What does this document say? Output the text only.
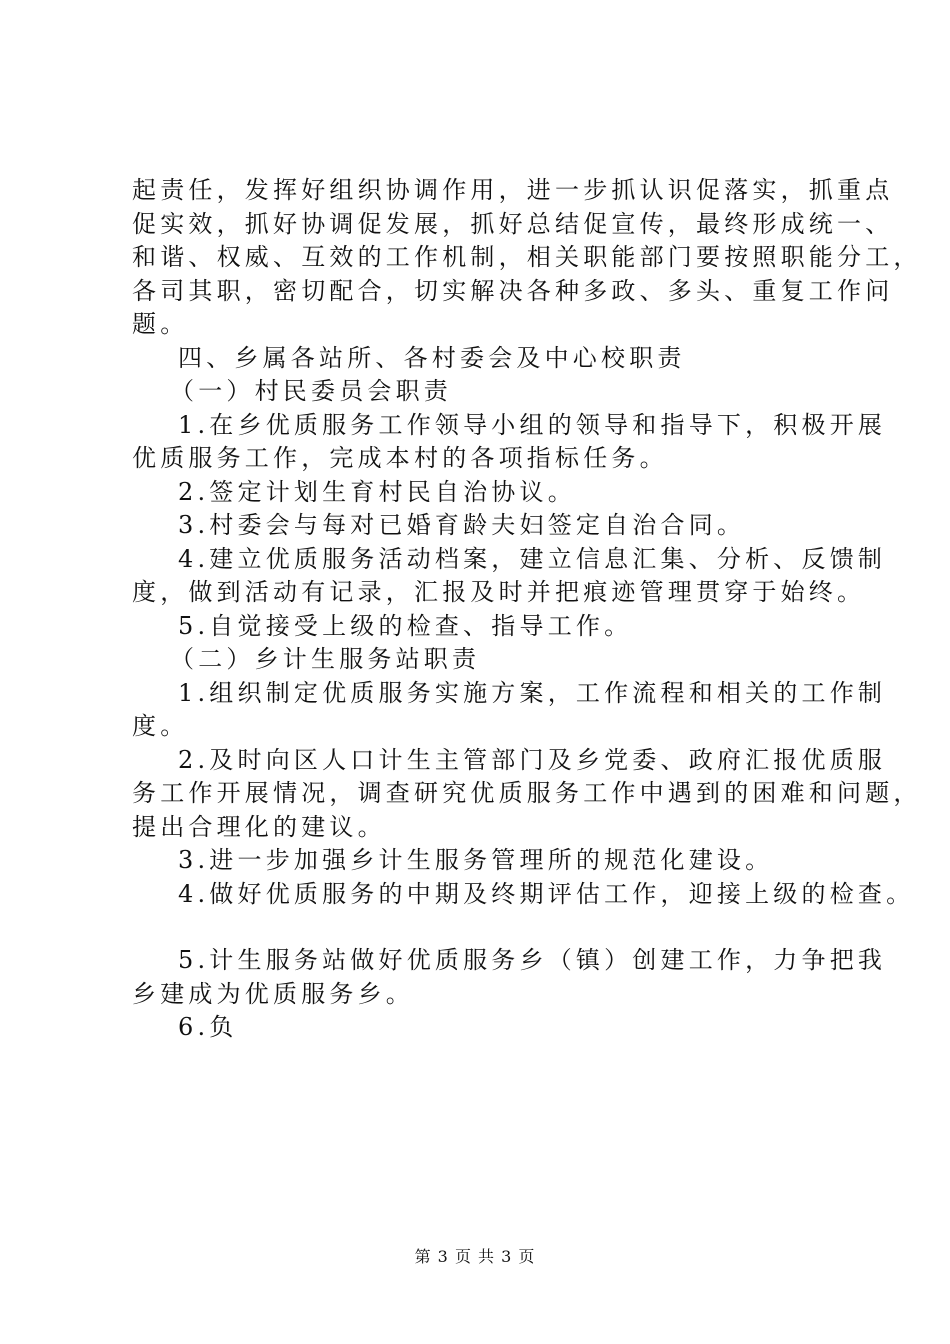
起责任，发挥好组织协调作用，进一步抓认识促落实，抓重点
促实效，抓好协调促发展，抓好总结促宣传，最终形成统一、
和谐、权威、互效的工作机制，相关职能部门要按照职能分工，
各司其职，密切配合，切实解决各种多政、多头、重复工作问
题。
四、乡属各站所、各村委会及中心校职责
（一）村民委员会职责
1.在乡优质服务工作领导小组的领导和指导下，积极开展
优质服务工作，完成本村的各项指标任务。
2.签定计划生育村民自治协议。
3.村委会与每对已婚育龄夫妇签定自治合同。
4.建立优质服务活动档案，建立信息汇集、分析、反馈制
度，做到活动有记录，汇报及时并把痕迹管理贯穿于始终。
5.自觉接受上级的检查、指导工作。
（二）乡计生服务站职责
1.组织制定优质服务实施方案，工作流程和相关的工作制
度。
2.及时向区人口计生主管部门及乡党委、政府汇报优质服
务工作开展情况，调查研究优质服务工作中遇到的困难和问题，
提出合理化的建议。
3.进一步加强乡计生服务管理所的规范化建设。
4.做好优质服务的中期及终期评估工作，迎接上级的检查。
5.计生服务站做好优质服务乡（镇）创建工作，力争把我
乡建成为优质服务乡。
6.负
第 3 页 共 3 页
